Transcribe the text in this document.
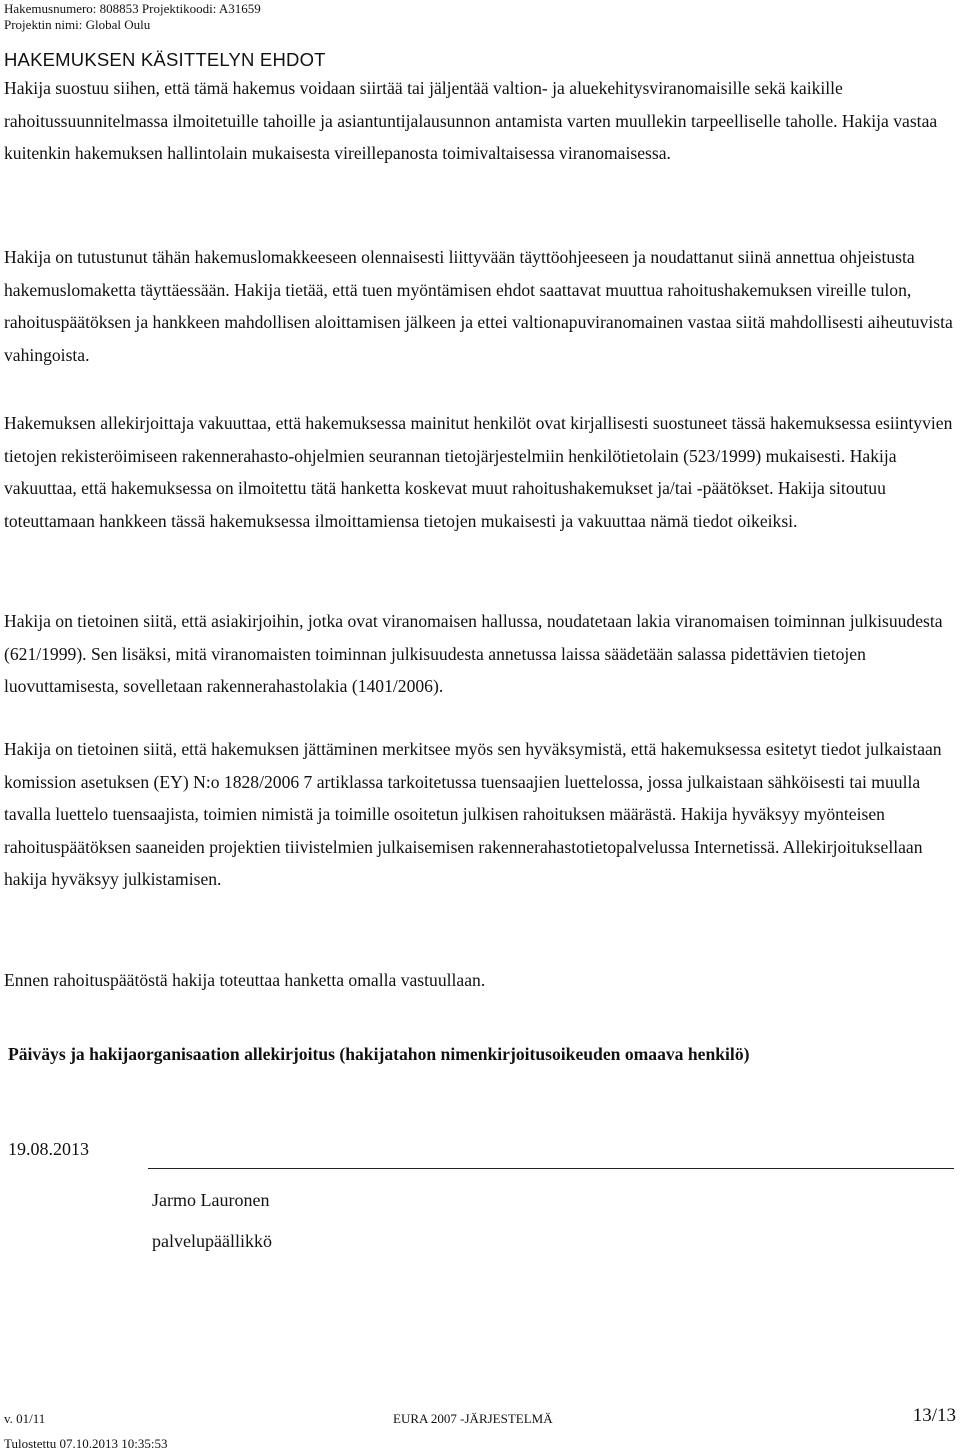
Hakemusnumero: 808853 Projektikoodi: A31659
Projektin nimi: Global Oulu
HAKEMUKSEN KÄSITTELYN EHDOT

Hakija suostuu siihen, että tämä hakemus voidaan siirtää tai jäljentää valtion- ja aluekehitysviranomaisille sekä kaikille rahoitussuunnitelmassa ilmoitetuille tahoille ja asiantuntijalausunnon antamista varten muullekin tarpeelliselle taholle. Hakija vastaa kuitenkin hakemuksen hallintolain mukaisesta vireillepanosta toimivaltaisessa viranomaisessa.

Hakija on tutustunut tähän hakemuslomakkeeseen olennaisesti liittyvään täyttöohjeeseen ja noudattanut siinä annettua ohjeistusta hakemuslomaketta täyttäessään. Hakija tietää, että tuen myöntämisen ehdot saattavat muuttua rahoitushakemuksen vireille tulon, rahoituspäätöksen ja hankkeen mahdollisen aloittamisen jälkeen ja ettei valtionapuviranomainen vastaa siitä mahdollisesti aiheutuvista vahingoista.

Hakemuksen allekirjoittaja vakuuttaa, että hakemuksessa mainitut henkilöt ovat kirjallisesti suostuneet tässä hakemuksessa esiintyvien tietojen rekisteröimiseen rakennerahasto-ohjelmien seurannan tietojärjestelmiin henkilötietolain (523/1999) mukaisesti. Hakija vakuuttaa, että hakemuksessa on ilmoitettu tätä hanketta koskevat muut rahoitushakemukset ja/tai -päätökset. Hakija sitoutuu toteuttamaan hankkeen tässä hakemuksessa ilmoittamiensa tietojen mukaisesti ja vakuuttaa nämä tiedot oikeiksi.

Hakija on tietoinen siitä, että asiakirjoihin, jotka ovat viranomaisen hallussa, noudatetaan lakia viranomaisen toiminnan julkisuudesta (621/1999). Sen lisäksi, mitä viranomaisten toiminnan julkisuudesta annetussa laissa säädetään salassa pidettävien tietojen luovuttamisesta, sovelletaan rakennerahastolakia (1401/2006).

Hakija on tietoinen siitä, että hakemuksen jättäminen merkitsee myös sen hyväksymistä, että hakemuksessa esitetyt tiedot julkaistaan komission asetuksen (EY) N:o 1828/2006 7 artiklassa tarkoitetussa tuensaajien luettelossa, jossa julkaistaan sähköisesti tai muulla tavalla luettelo tuensaajista, toimien nimistä ja toimille osoitetun julkisen rahoituksen määrästä. Hakija hyväksyy myönteisen rahoituspäätöksen saaneiden projektien tiivistelmien julkaisemisen rakennerahastotietopalvelussa Internetissä. Allekirjoituksellaan hakija hyväksyy julkistamisen.

Ennen rahoituspäätöstä hakija toteuttaa hanketta omalla vastuullaan.

Päiväys ja hakijaorganisaation allekirjoitus (hakijatahon nimenkirjoitusoikeuden omaava henkilö)
19.08.2013
Jarmo Lauronen
palvelupäällikkö
v. 01/11	EURA 2007 -JÄRJESTELMÄ	13/13
Tulostettu 07.10.2013 10:35:53
